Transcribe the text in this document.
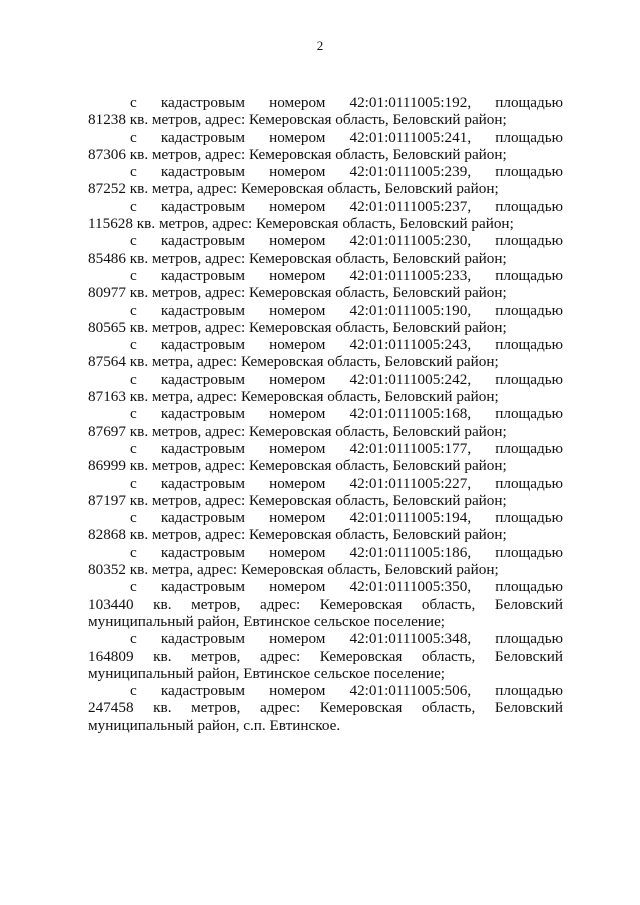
2
с кадастровым номером 42:01:0111005:192, площадью
81238 кв. метров, адрес: Кемеровская область, Беловский район;
с кадастровым номером 42:01:0111005:241, площадью
87306 кв. метров, адрес: Кемеровская область, Беловский район;
с кадастровым номером 42:01:0111005:239, площадью
87252 кв. метра, адрес: Кемеровская область, Беловский район;
с кадастровым номером 42:01:0111005:237, площадью
115628 кв. метров, адрес: Кемеровская область, Беловский район;
с кадастровым номером 42:01:0111005:230, площадью
85486 кв. метров, адрес: Кемеровская область, Беловский район;
с кадастровым номером 42:01:0111005:233, площадью
80977 кв. метров, адрес: Кемеровская область, Беловский район;
с кадастровым номером 42:01:0111005:190, площадью
80565 кв. метров, адрес: Кемеровская область, Беловский район;
с кадастровым номером 42:01:0111005:243, площадью
87564 кв. метра, адрес: Кемеровская область, Беловский район;
с кадастровым номером 42:01:0111005:242, площадью
87163 кв. метра, адрес: Кемеровская область, Беловский район;
с кадастровым номером 42:01:0111005:168, площадью
87697 кв. метров, адрес: Кемеровская область, Беловский район;
с кадастровым номером 42:01:0111005:177, площадью
86999 кв. метров, адрес: Кемеровская область, Беловский район;
с кадастровым номером 42:01:0111005:227, площадью
87197 кв. метров, адрес: Кемеровская область, Беловский район;
с кадастровым номером 42:01:0111005:194, площадью
82868 кв. метров, адрес: Кемеровская область, Беловский район;
с кадастровым номером 42:01:0111005:186, площадью
80352 кв. метра, адрес: Кемеровская область, Беловский район;
с кадастровым номером 42:01:0111005:350, площадью
103440 кв. метров, адрес: Кемеровская область, Беловский
муниципальный район, Евтинское сельское поселение;
с кадастровым номером 42:01:0111005:348, площадью
164809 кв. метров, адрес: Кемеровская область, Беловский
муниципальный район, Евтинское сельское поселение;
с кадастровым номером 42:01:0111005:506, площадью
247458 кв. метров, адрес: Кемеровская область, Беловский
муниципальный район, с.п. Евтинское.
